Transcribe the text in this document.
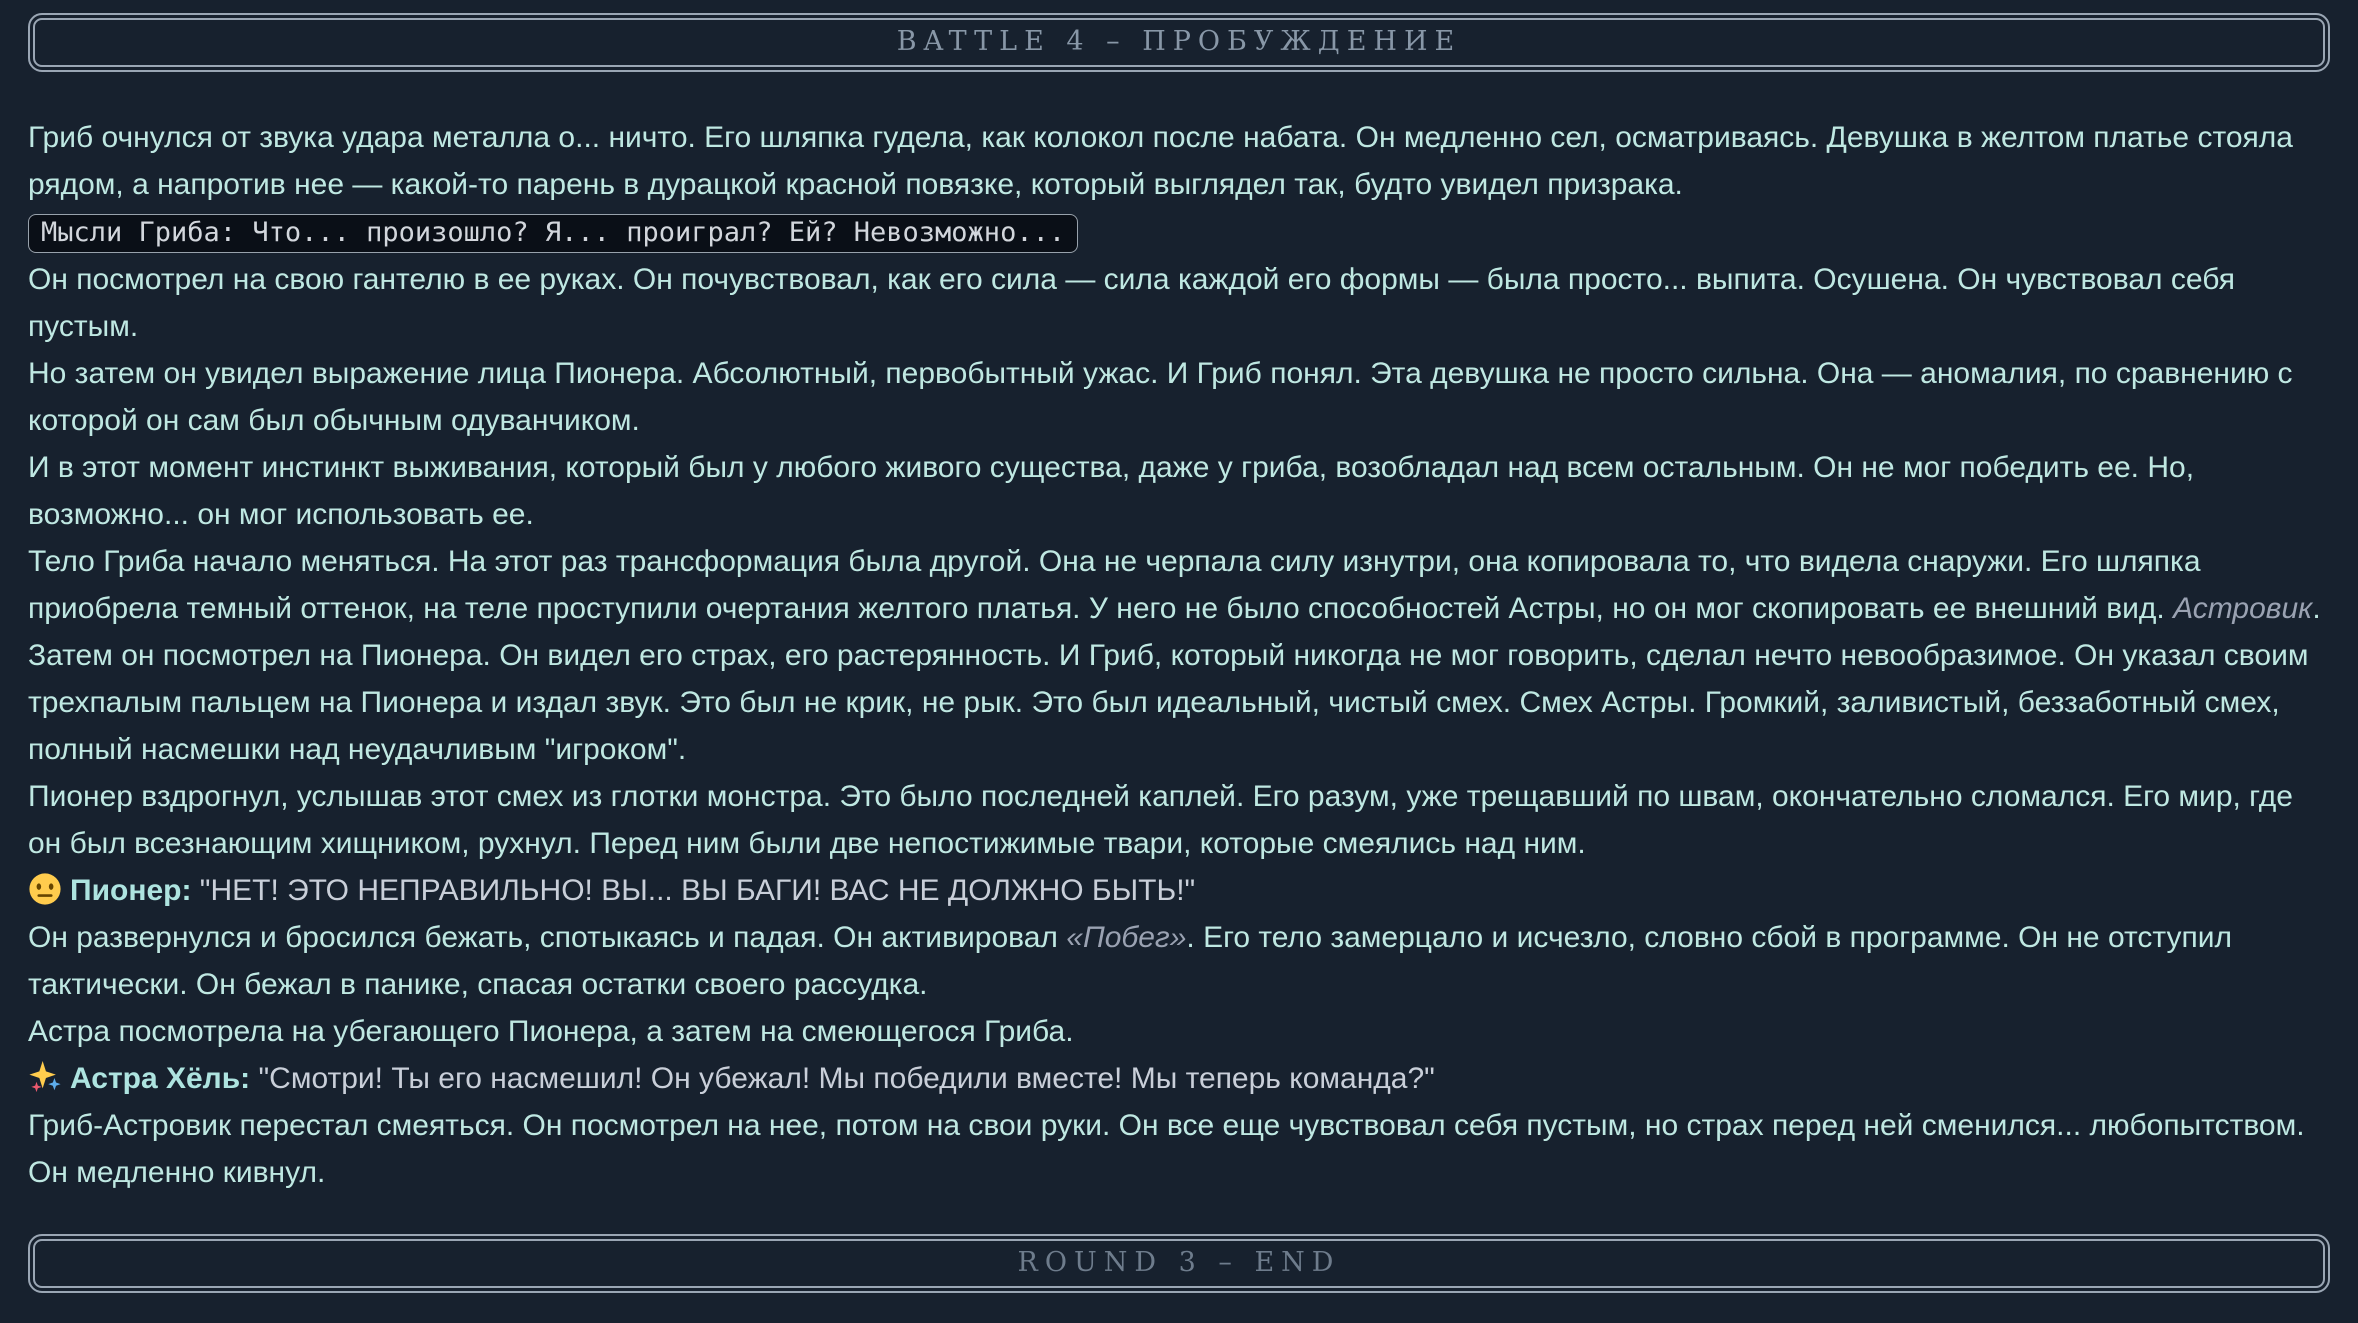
BATTLE 4 – ПРОБУЖДЕНИЕ

Гриб очнулся от звука удара металла о... ничто. Его шляпка гудела, как колокол после набата. Он медленно сел, осматриваясь. Девушка в желтом платье стояла рядом, а напротив нее — какой-то парень в дурацкой красной повязке, который выглядел так, будто увидел призрака.

Мысли Гриба: Что... произошло? Я... проиграл? Ей? Невозможно...

Он посмотрел на свою гантелю в ее руках. Он почувствовал, как его сила — сила каждой его формы — была просто... выпита. Осушена. Он чувствовал себя пустым.

Но затем он увидел выражение лица Пионера. Абсолютный, первобытный ужас. И Гриб понял. Эта девушка не просто сильна. Она — аномалия, по сравнению с которой он сам был обычным одуванчиком.

И в этот момент инстинкт выживания, который был у любого живого существа, даже у гриба, возобладал над всем остальным. Он не мог победить ее. Но, возможно... он мог использовать ее.

Тело Гриба начало меняться. На этот раз трансформация была другой. Она не черпала силу изнутри, она копировала то, что видела снаружи. Его шляпка приобрела темный оттенок, на теле проступили очертания желтого платья. У него не было способностей Астры, но он мог скопировать ее внешний вид. Астровик.

Затем он посмотрел на Пионера. Он видел его страх, его растерянность. И Гриб, который никогда не мог говорить, сделал нечто невообразимое. Он указал своим трехпалым пальцем на Пионера и издал звук. Это был не крик, не рык. Это был идеальный, чистый смех. Смех Астры. Громкий, заливистый, беззаботный смех, полный насмешки над неудачливым "игроком".

Пионер вздрогнул, услышав этот смех из глотки монстра. Это было последней каплей. Его разум, уже трещавший по швам, окончательно сломался. Его мир, где он был всезнающим хищником, рухнул. Перед ним были две непостижимые твари, которые смеялись над ним.

Пионер: "НЕТ! ЭТО НЕПРАВИЛЬНО! ВЫ... ВЫ БАГИ! ВАС НЕ ДОЛЖНО БЫТЬ!"

Он развернулся и бросился бежать, спотыкаясь и падая. Он активировал «Побег». Его тело замерцало и исчезло, словно сбой в программе. Он не отступил тактически. Он бежал в панике, спасая остатки своего рассудка.

Астра посмотрела на убегающего Пионера, а затем на смеющегося Гриба.

Астра Хёль: "Смотри! Ты его насмешил! Он убежал! Мы победили вместе! Мы теперь команда?"

Гриб-Астровик перестал смеяться. Он посмотрел на нее, потом на свои руки. Он все еще чувствовал себя пустым, но страх перед ней сменился... любопытством. Он медленно кивнул.

ROUND 3 – END
